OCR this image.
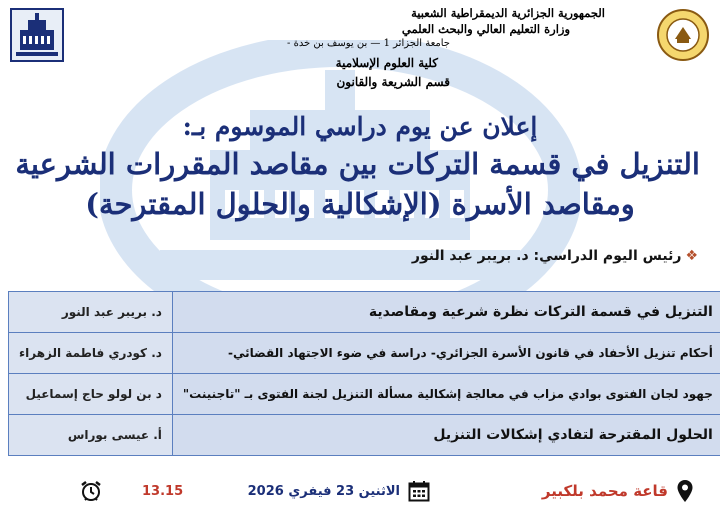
الجمهورية الجزائرية الديمقراطية الشعبية
وزارة التعليم العالي والبحث العلمي
جامعة الجزائر 1 — بن يوسف بن خدة -
كلية العلوم الإسلامية
قسم الشريعة والقانون
إعلان عن يوم دراسي الموسوم بـ:
التنزيل في قسمة التركات بين مقاصد المقررات الشرعية
ومقاصد الأسرة (الإشكالية والحلول المقترحة)
❖رئيس اليوم الدراسي: د. بريبر عبد النور
التنزيل في قسمة التركات نظرة شرعية ومقاصدية	د. بريبر عبد النور
أحكام تنزيل الأحفاد في قانون الأسرة الجزائري- دراسة في ضوء الاجتهاد القضائي-	د. كودري فاطمة الزهراء
جهود لجان الفتوى بوادي مزاب في معالجة إشكالية مسألة التنزيل لجنة الفتوى بـ "تاجنينت"	د بن لولو حاج إسماعيل
الحلول المقترحة لتفادي إشكالات التنزيل	أ. عيسى بوراس
قاعة محمد بلكبير
الاثنين 23 فيفري 2026
13.15
